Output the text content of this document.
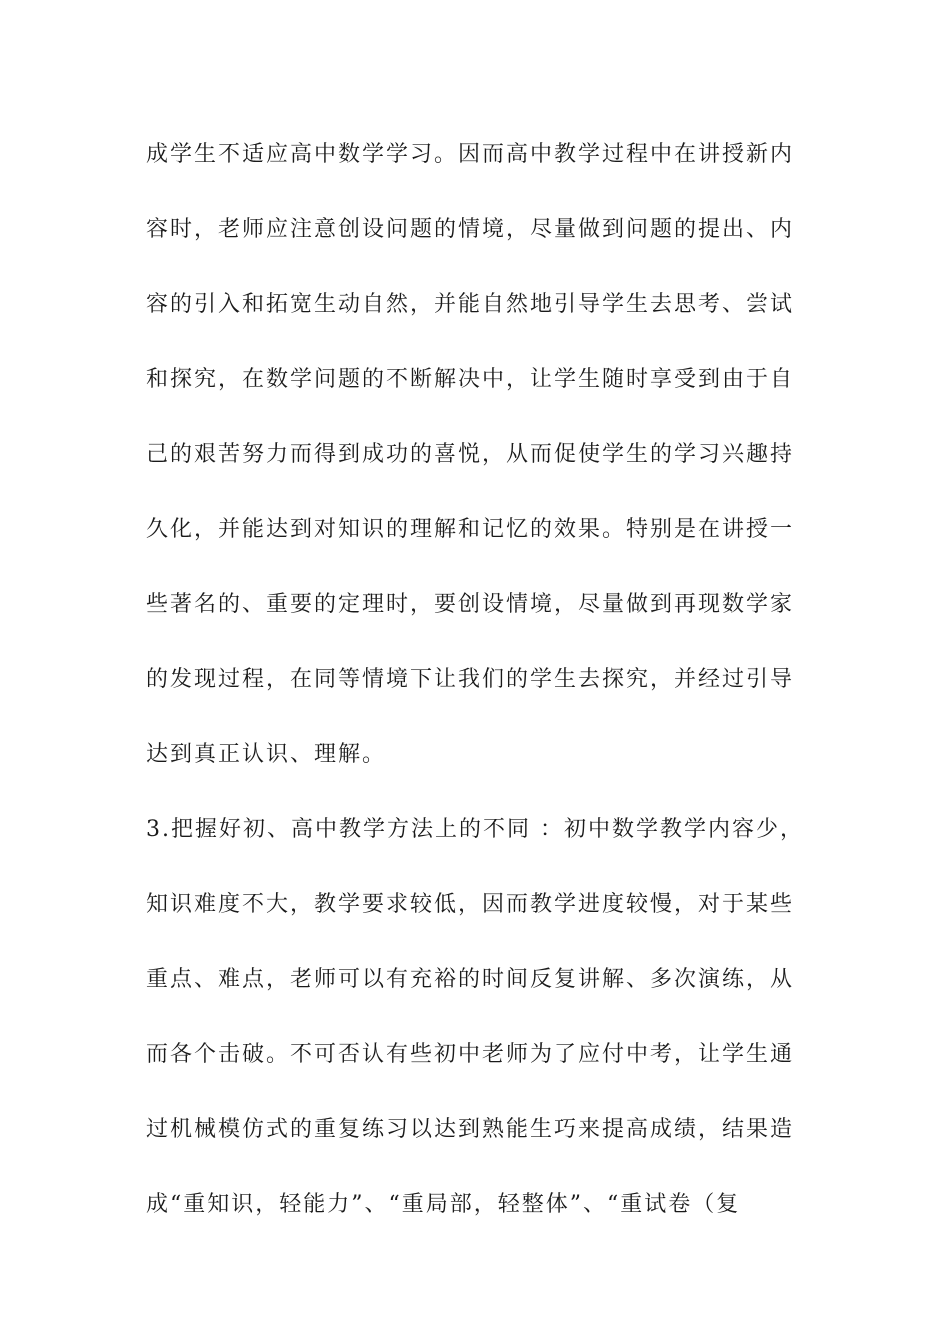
成学生不适应高中数学学习。因而高中教学过程中在讲授新内
容时，老师应注意创设问题的情境，尽量做到问题的提出、内
容的引入和拓宽生动自然，并能自然地引导学生去思考、尝试
和探究，在数学问题的不断解决中，让学生随时享受到由于自
己的艰苦努力而得到成功的喜悦，从而促使学生的学习兴趣持
久化，并能达到对知识的理解和记忆的效果。特别是在讲授一
些著名的、重要的定理时，要创设情境，尽量做到再现数学家
的发现过程，在同等情境下让我们的学生去探究，并经过引导
达到真正认识、理解。
3.把握好初、高中教学方法上的不同 ：初中数学教学内容少，
知识难度不大，教学要求较低，因而教学进度较慢，对于某些
重点、难点，老师可以有充裕的时间反复讲解、多次演练，从
而各个击破。不可否认有些初中老师为了应付中考，让学生通
过机械模仿式的重复练习以达到熟能生巧来提高成绩，结果造
成“重知识，轻能力”、“重局部，轻整体”、“重试卷（复
